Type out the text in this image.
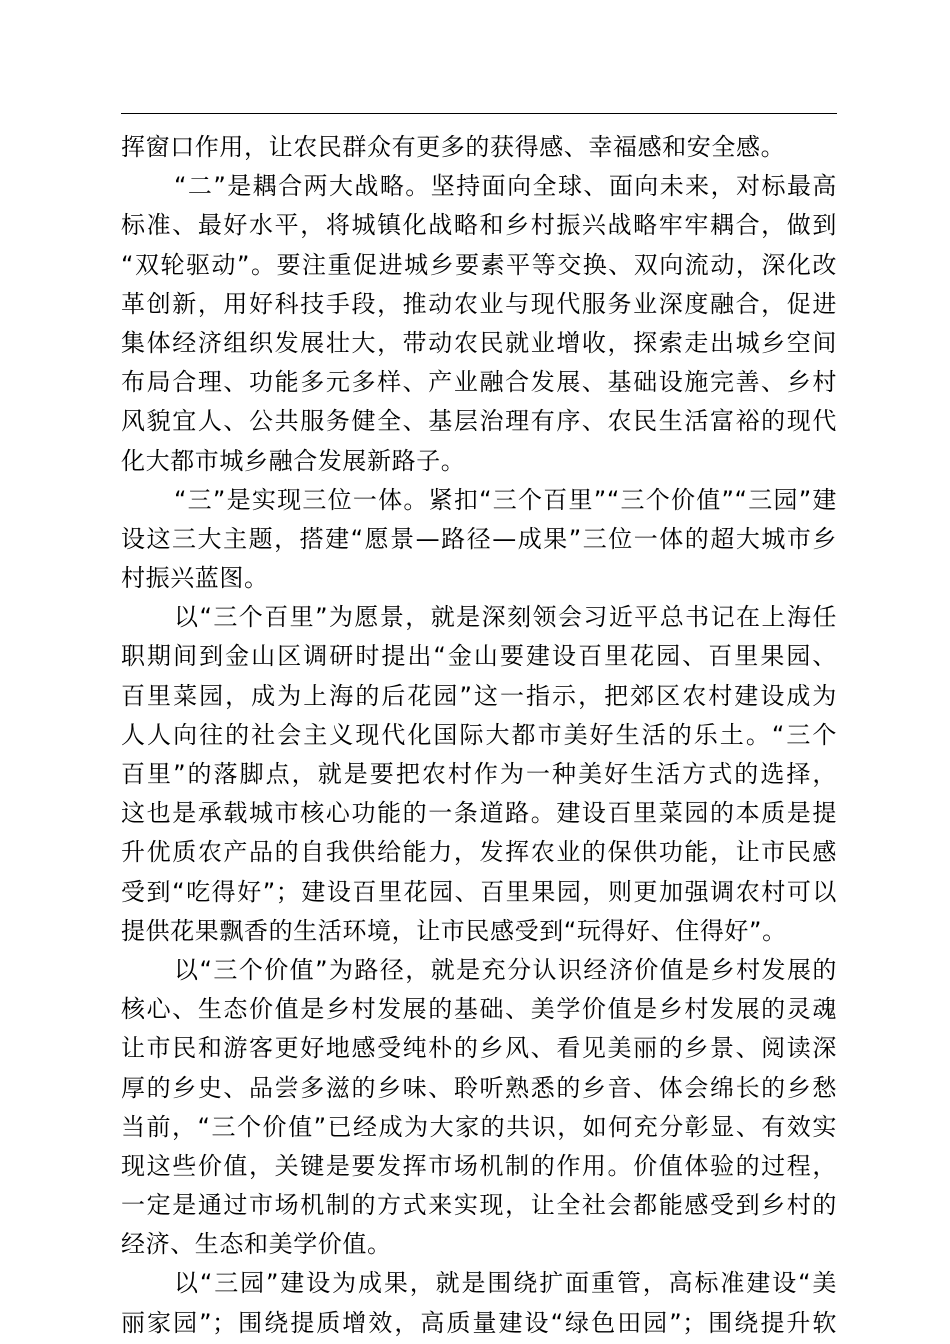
挥窗口作用，让农民群众有更多的获得感、幸福感和安全感。
“二”是耦合两大战略。坚持面向全球、面向未来，对标最高
标准、最好水平，将城镇化战略和乡村振兴战略牢牢耦合，做到
“双轮驱动”。要注重促进城乡要素平等交换、双向流动，深化改
革创新，用好科技手段，推动农业与现代服务业深度融合，促进
集体经济组织发展壮大，带动农民就业增收，探索走出城乡空间
布局合理、功能多元多样、产业融合发展、基础设施完善、乡村
风貌宜人、公共服务健全、基层治理有序、农民生活富裕的现代
化大都市城乡融合发展新路子。
“三”是实现三位一体。紧扣“三个百里”“三个价值”“三园”建
设这三大主题，搭建“愿景—路径—成果”三位一体的超大城市乡
村振兴蓝图。
以“三个百里”为愿景，就是深刻领会习近平总书记在上海任
职期间到金山区调研时提出“金山要建设百里花园、百里果园、
百里菜园，成为上海的后花园”这一指示，把郊区农村建设成为
人人向往的社会主义现代化国际大都市美好生活的乐土。“三个
百里”的落脚点，就是要把农村作为一种美好生活方式的选择，
这也是承载城市核心功能的一条道路。建设百里菜园的本质是提
升优质农产品的自我供给能力，发挥农业的保供功能，让市民感
受到“吃得好”；建设百里花园、百里果园，则更加强调农村可以
提供花果飘香的生活环境，让市民感受到“玩得好、住得好”。
以“三个价值”为路径，就是充分认识经济价值是乡村发展的
核心、生态价值是乡村发展的基础、美学价值是乡村发展的灵魂
让市民和游客更好地感受纯朴的乡风、看见美丽的乡景、阅读深
厚的乡史、品尝多滋的乡味、聆听熟悉的乡音、体会绵长的乡愁
当前，“三个价值”已经成为大家的共识，如何充分彰显、有效实
现这些价值，关键是要发挥市场机制的作用。价值体验的过程，
一定是通过市场机制的方式来实现，让全社会都能感受到乡村的
经济、生态和美学价值。
以“三园”建设为成果，就是围绕扩面重管，高标准建设“美
丽家园”；围绕提质增效，高质量建设“绿色田园”；围绕提升软
